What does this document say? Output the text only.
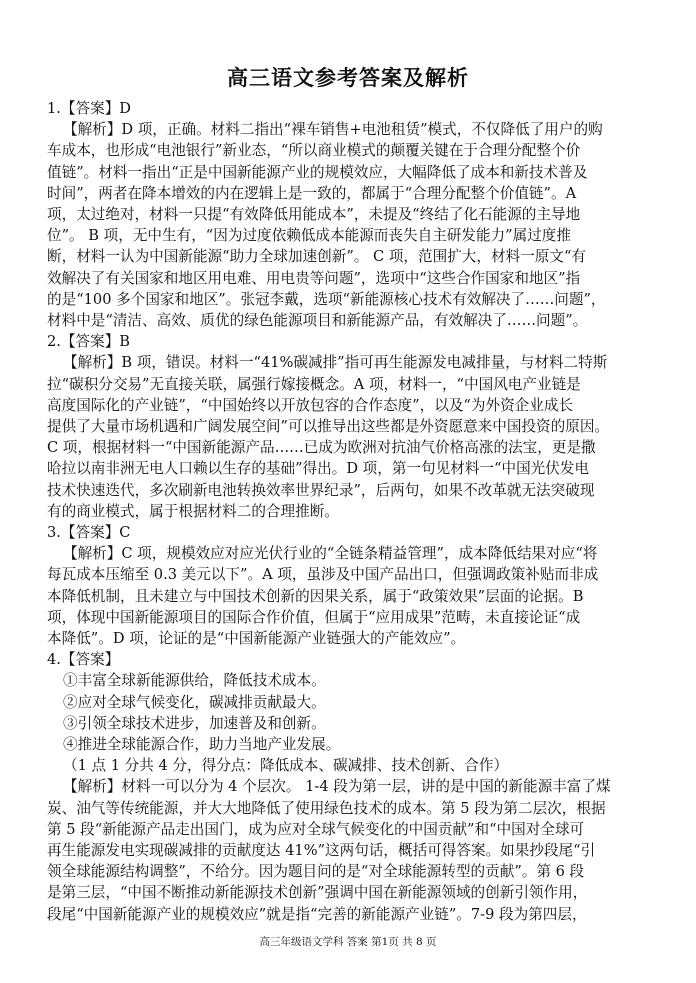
高三语文参考答案及解析
1.【答案】D
【解析】D 项，正确。材料二指出“裸车销售+电池租赁”模式，不仅降低了用户的购
车成本，也形成“电池银行”新业态，“所以商业模式的颠覆关键在于合理分配整个价
值链”。材料一指出“正是中国新能源产业的规模效应，大幅降低了成本和新技术普及
时间”，两者在降本增效的内在逻辑上是一致的，都属于“合理分配整个价值链”。A
项，太过绝对，材料一只提“有效降低用能成本”，未提及“终结了化石能源的主导地
位”。 B 项，无中生有，“因为过度依赖低成本能源而丧失自主研发能力”属过度推
断，材料一认为中国新能源“助力全球加速创新”。 C 项，范围扩大，材料一原文“有
效解决了有关国家和地区用电难、用电贵等问题”，选项中“这些合作国家和地区”指
的是“100 多个国家和地区”。张冠李戴，选项“新能源核心技术有效解决了……问题”，
材料中是“清洁、高效、质优的绿色能源项目和新能源产品，有效解决了……问题”。
2.【答案】B
【解析】B 项，错误。材料一“41%碳减排”指可再生能源发电减排量，与材料二特斯
拉“碳积分交易”无直接关联，属强行嫁接概念。A 项，材料一，“中国风电产业链是
高度国际化的产业链”，“中国始终以开放包容的合作态度”，以及“为外资企业成长
提供了大量市场机遇和广阔发展空间”可以推导出这些都是外资愿意来中国投资的原因。
C 项，根据材料一“中国新能源产品……已成为欧洲对抗油气价格高涨的法宝，更是撒
哈拉以南非洲无电人口赖以生存的基础”得出。D 项，第一句见材料一“中国光伏发电
技术快速迭代，多次刷新电池转换效率世界纪录”，后两句，如果不改革就无法突破现
有的商业模式，属于根据材料二的合理推断。
3.【答案】C
【解析】C 项，规模效应对应光伏行业的“全链条精益管理”，成本降低结果对应“将
每瓦成本压缩至 0.3 美元以下”。A 项，虽涉及中国产品出口，但强调政策补贴而非成
本降低机制，且未建立与中国技术创新的因果关系，属于“政策效果”层面的论据。B
项，体现中国新能源项目的国际合作价值，但属于“应用成果”范畴，未直接论证“成
本降低”。D 项，论证的是“中国新能源产业链强大的产能效应”。
4.【答案】
①丰富全球新能源供给，降低技术成本。
②应对全球气候变化，碳减排贡献最大。
③引领全球技术进步，加速普及和创新。
④推进全球能源合作，助力当地产业发展。
（1 点 1 分共 4 分，得分点：降低成本、碳减排、技术创新、合作）
【解析】材料一可以分为 4 个层次。 1-4 段为第一层，讲的是中国的新能源丰富了煤
炭、油气等传统能源，并大大地降低了使用绿色技术的成本。第 5 段为第二层次，根据
第 5 段“新能源产品走出国门，成为应对全球气候变化的中国贡献”和“中国对全球可
再生能源发电实现碳减排的贡献度达 41%”这两句话，概括可得答案。如果抄段尾“引
领全球能源结构调整”，不给分。因为题目问的是“对全球能源转型的贡献”。第 6 段
是第三层，“中国不断推动新能源技术创新”强调中国在新能源领域的创新引领作用，
段尾“中国新能源产业的规模效应”就是指“完善的新能源产业链”。7-9 段为第四层，
高三年级语文学科 答案 第1页 共 8 页
